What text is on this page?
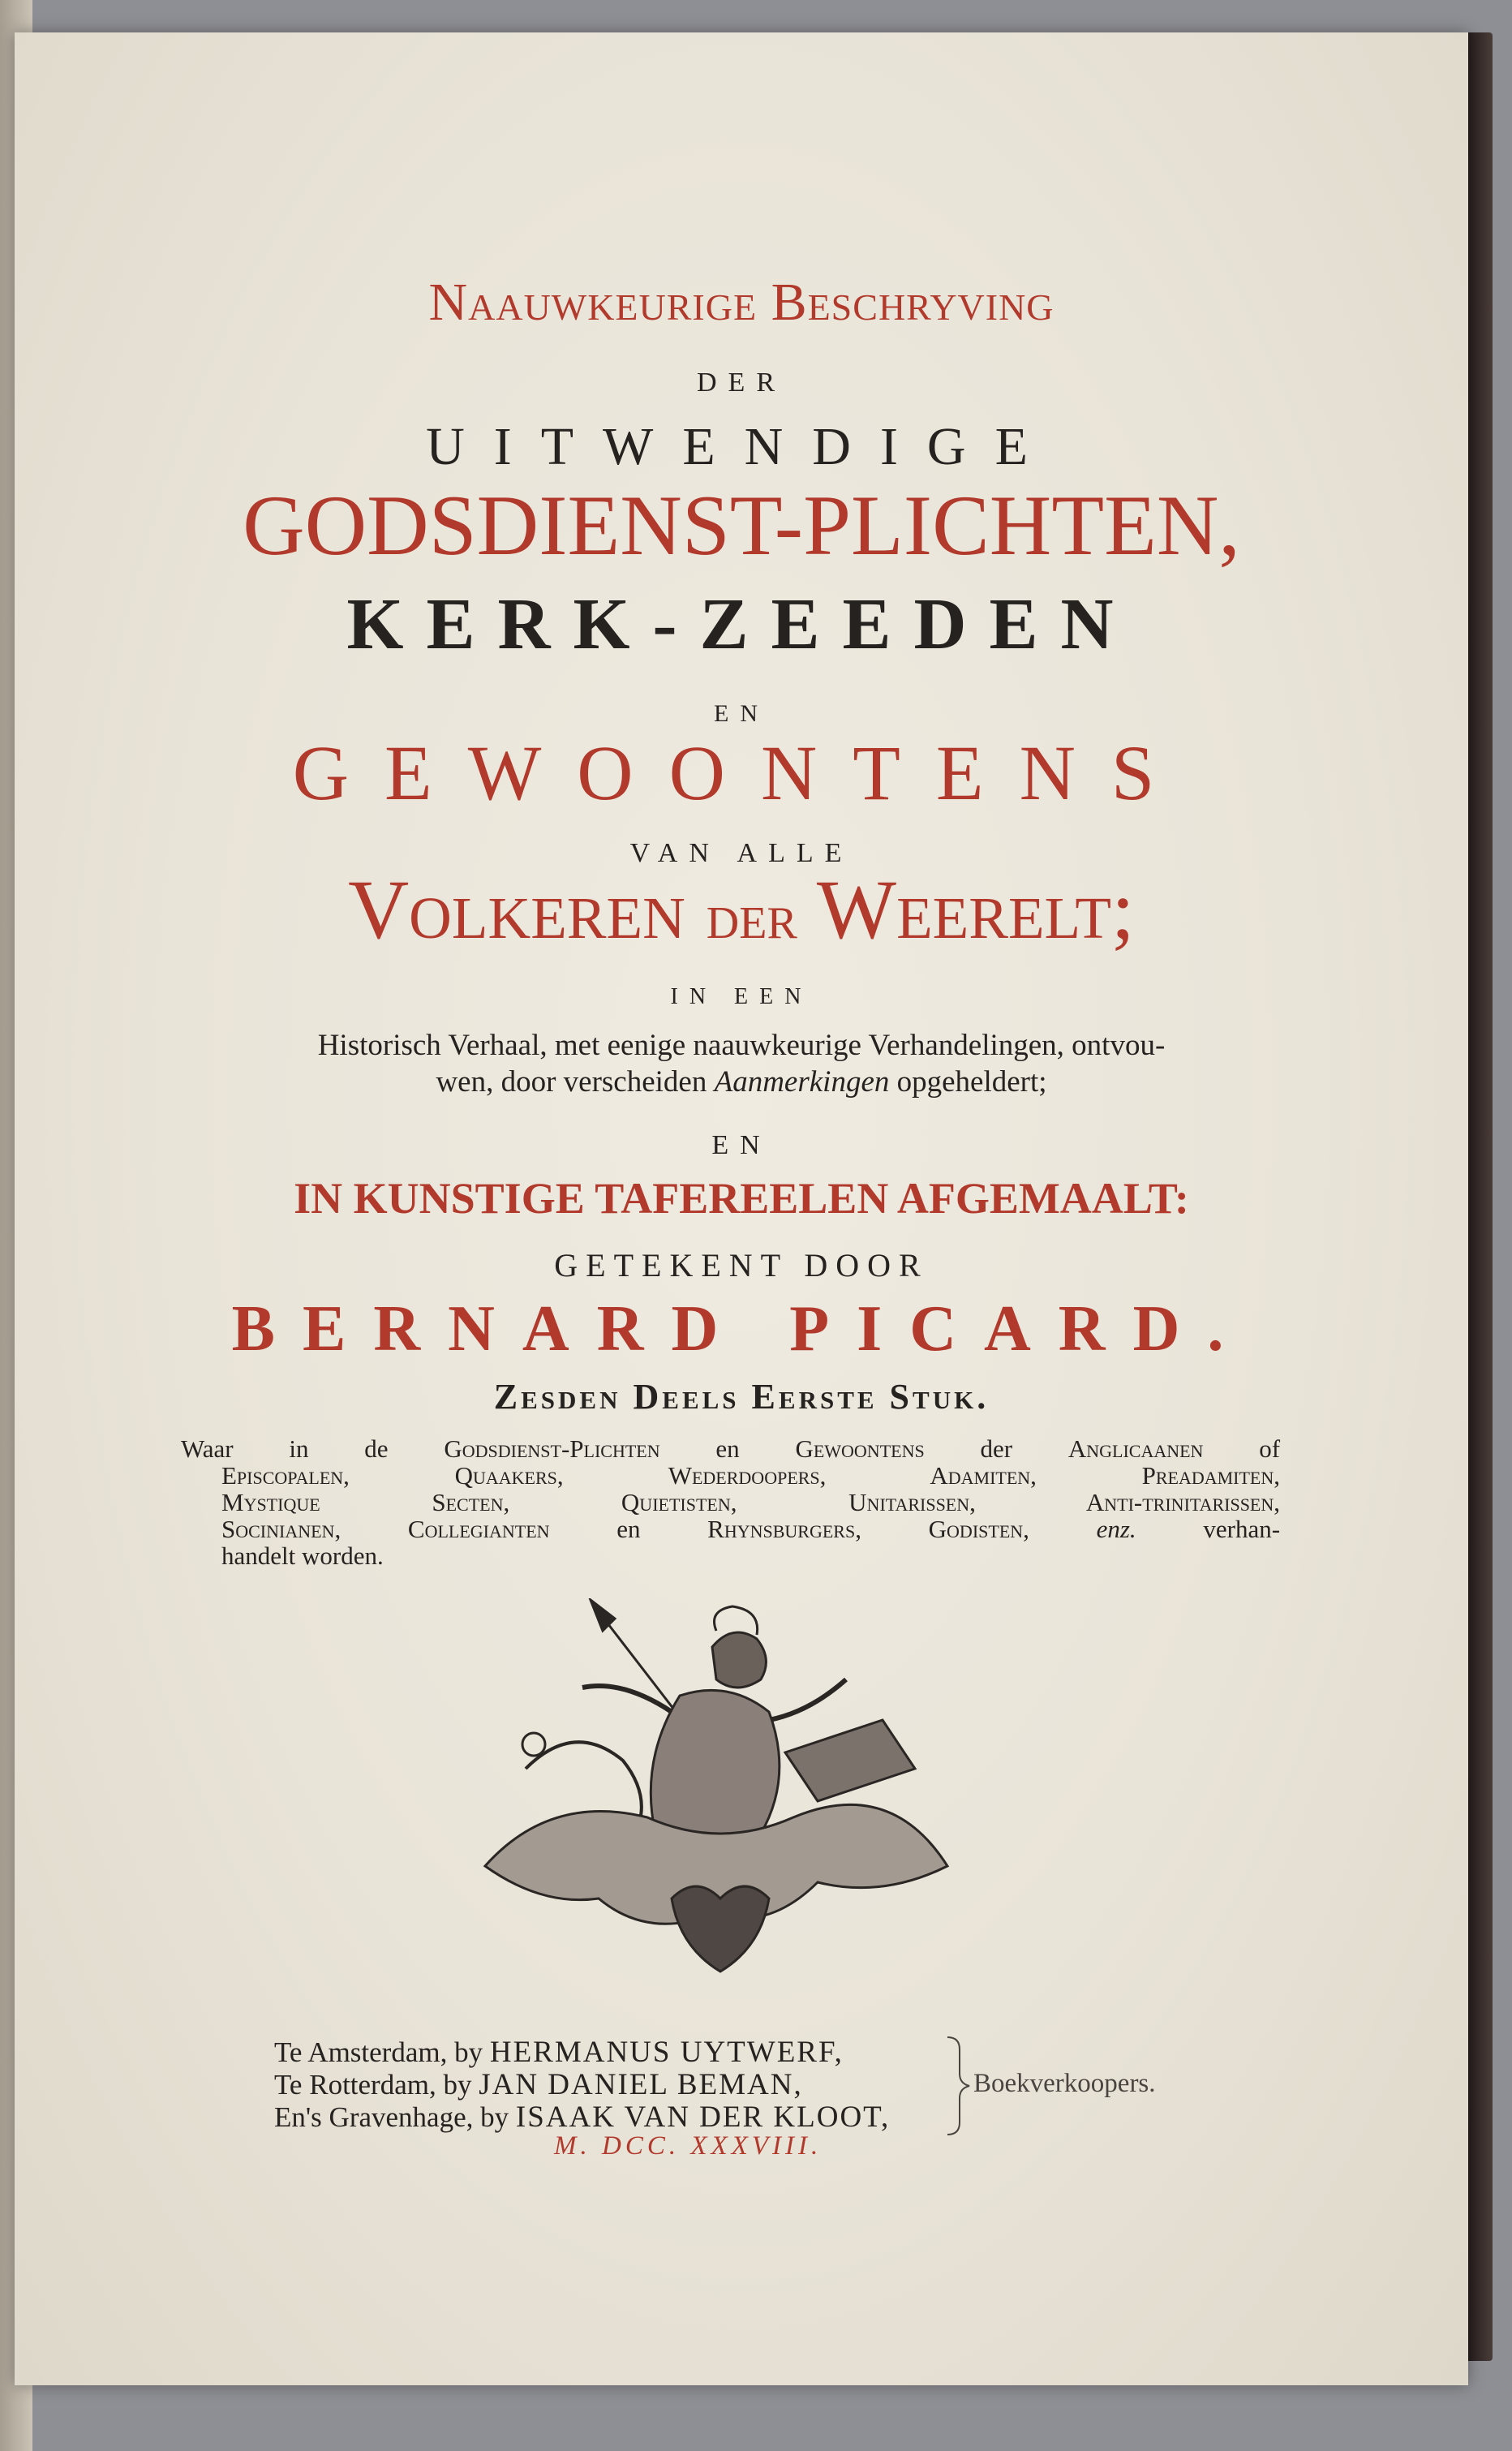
Naauwkeurige Beschryving
DER
UITWENDIGE
GODSDIENST-PLICHTEN,
KERK-ZEEDEN
EN
GEWOONTENS
VAN ALLE
Volkeren der Weerelt;
IN EEN
Historisch Verhaal, met eenige naauwkeurige Verhandelingen, ontvou-
wen, door verscheiden Aanmerkingen opgeheldert;
EN
IN KUNSTIGE TAFEREELEN AFGEMAALT:
GETEKENT DOOR
BERNARD PICARD.
Zesden Deels Eerste Stuk.
Waar in de Godsdienst-Plichten en Gewoontens der Anglicaanen of
Episcopalen,	Quaakers,	Wederdoopers,	Adamiten,	Preadamiten,
Mystique	Secten,	Quietisten,	Unitarissen,	Anti-trinitarissen,
Socinianen,	Collegianten	en	Rhynsburgers,	Godisten,	enz.	verhan-
handelt worden.
Te Amsterdam, by HERMANUS UYTWERF,
Te Rotterdam, by JAN DANIEL BEMAN,
En's Gravenhage, by ISAAK VAN DER KLOOT,
Boekverkoopers.
M. DCC. XXXVIII.
